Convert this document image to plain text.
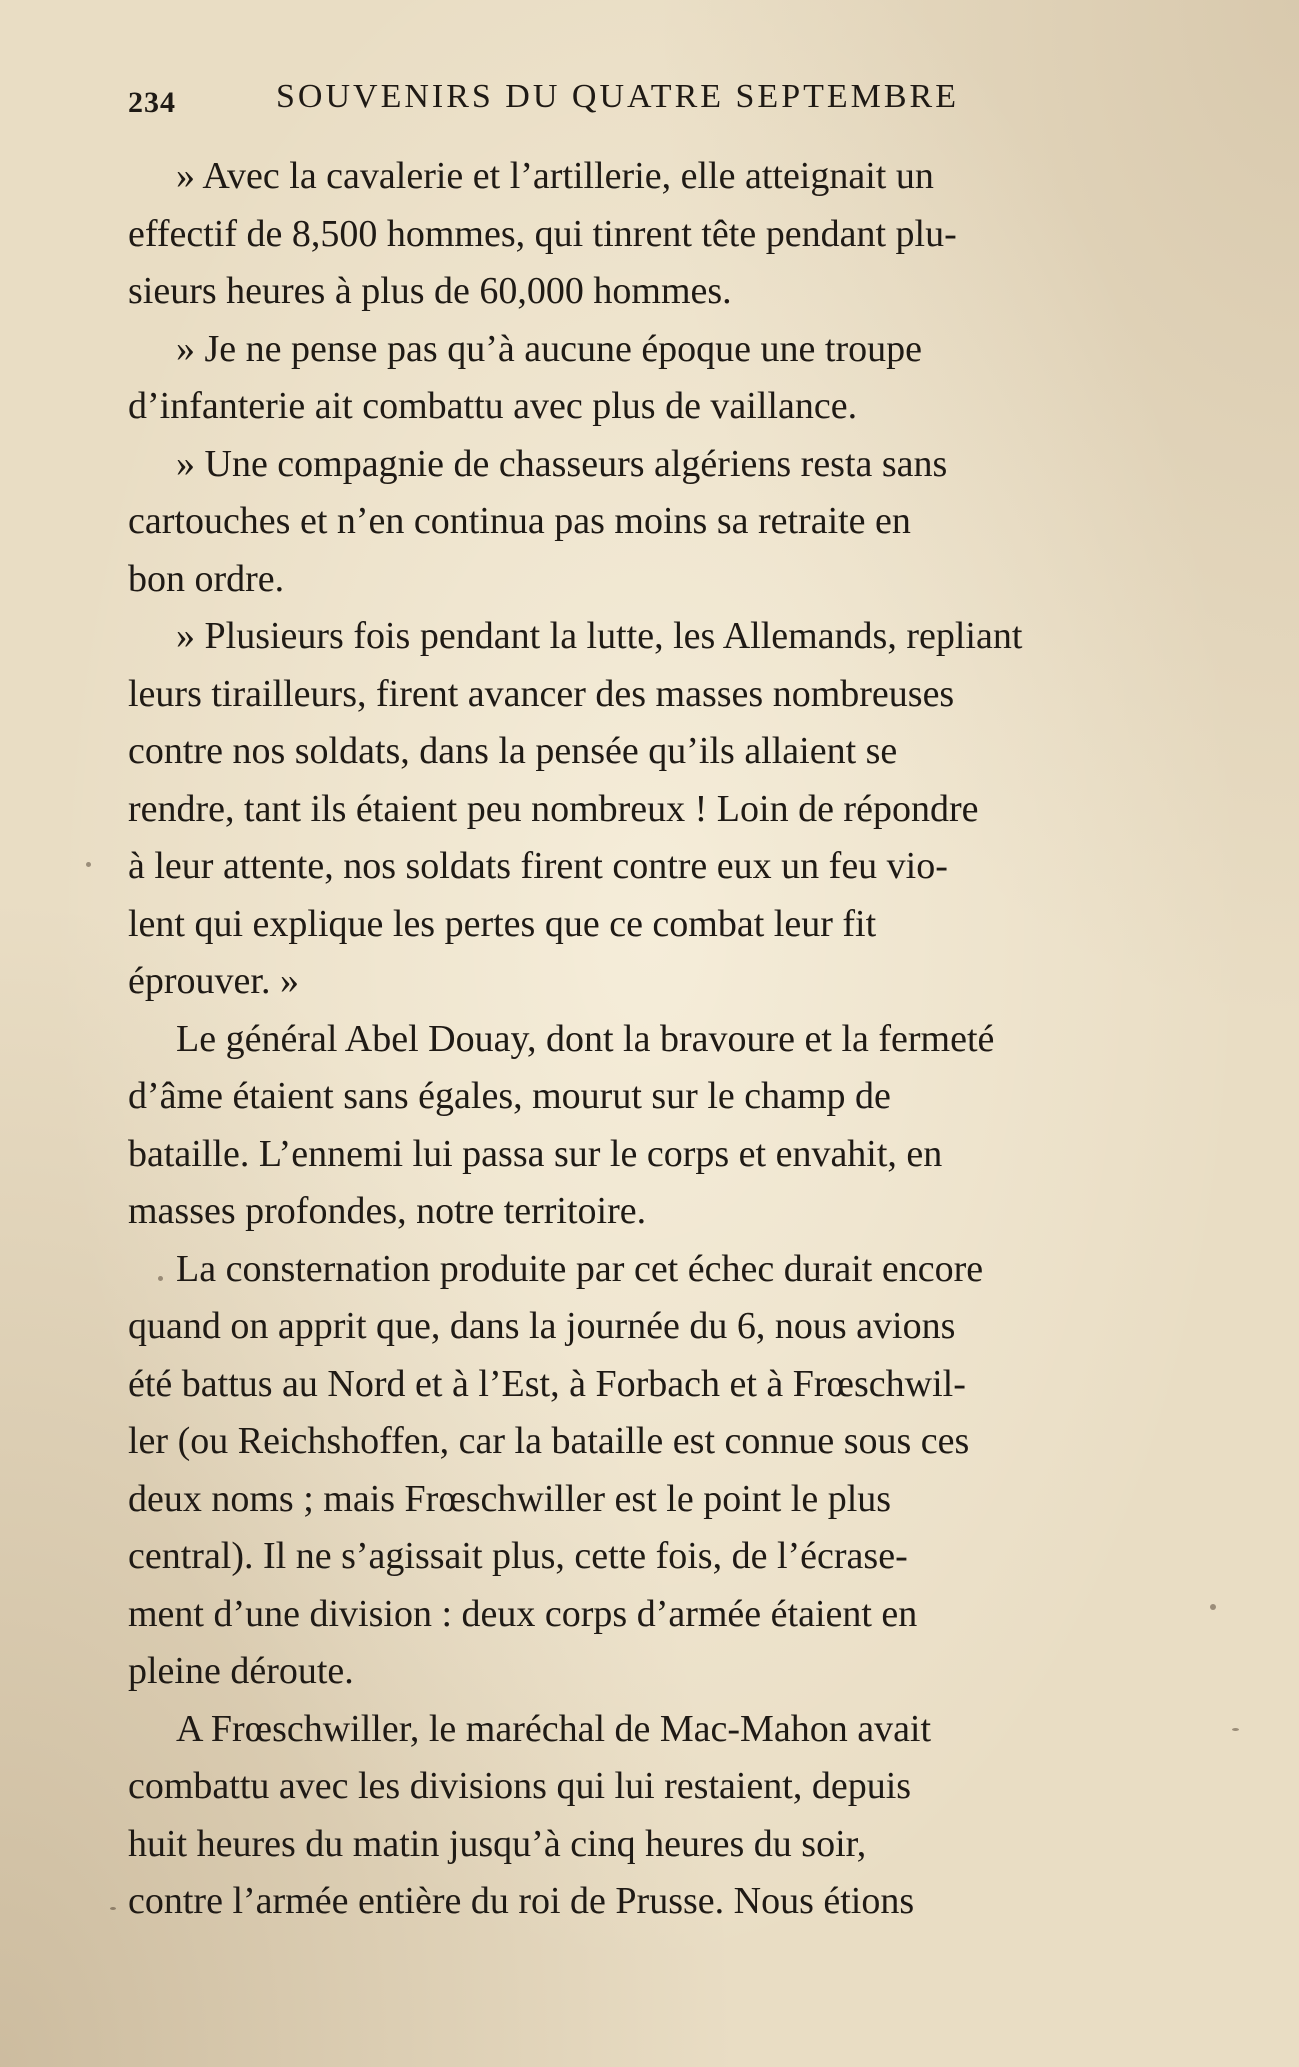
234	SOUVENIRS DU QUATRE SEPTEMBRE
» Avec la cavalerie et l’artillerie, elle atteignait un
effectif de 8,500 hommes, qui tinrent tête pendant plu-
sieurs heures à plus de 60,000 hommes.
» Je ne pense pas qu’à aucune époque une troupe
d’infanterie ait combattu avec plus de vaillance.
» Une compagnie de chasseurs algériens resta sans
cartouches et n’en continua pas moins sa retraite en
bon ordre.
» Plusieurs fois pendant la lutte, les Allemands, repliant
leurs tirailleurs, firent avancer des masses nombreuses
contre nos soldats, dans la pensée qu’ils allaient se
rendre, tant ils étaient peu nombreux ! Loin de répondre
à leur attente, nos soldats firent contre eux un feu vio-
lent qui explique les pertes que ce combat leur fit
éprouver. »
Le général Abel Douay, dont la bravoure et la fermeté
d’âme étaient sans égales, mourut sur le champ de
bataille. L’ennemi lui passa sur le corps et envahit, en
masses profondes, notre territoire.
La consternation produite par cet échec durait encore
quand on apprit que, dans la journée du 6, nous avions
été battus au Nord et à l’Est, à Forbach et à Frœschwil-
ler (ou Reichshoffen, car la bataille est connue sous ces
deux noms ; mais Frœschwiller est le point le plus
central). Il ne s’agissait plus, cette fois, de l’écrase-
ment d’une division : deux corps d’armée étaient en
pleine déroute.
A Frœschwiller, le maréchal de Mac-Mahon avait
combattu avec les divisions qui lui restaient, depuis
huit heures du matin jusqu’à cinq heures du soir,
contre l’armée entière du roi de Prusse. Nous étions
